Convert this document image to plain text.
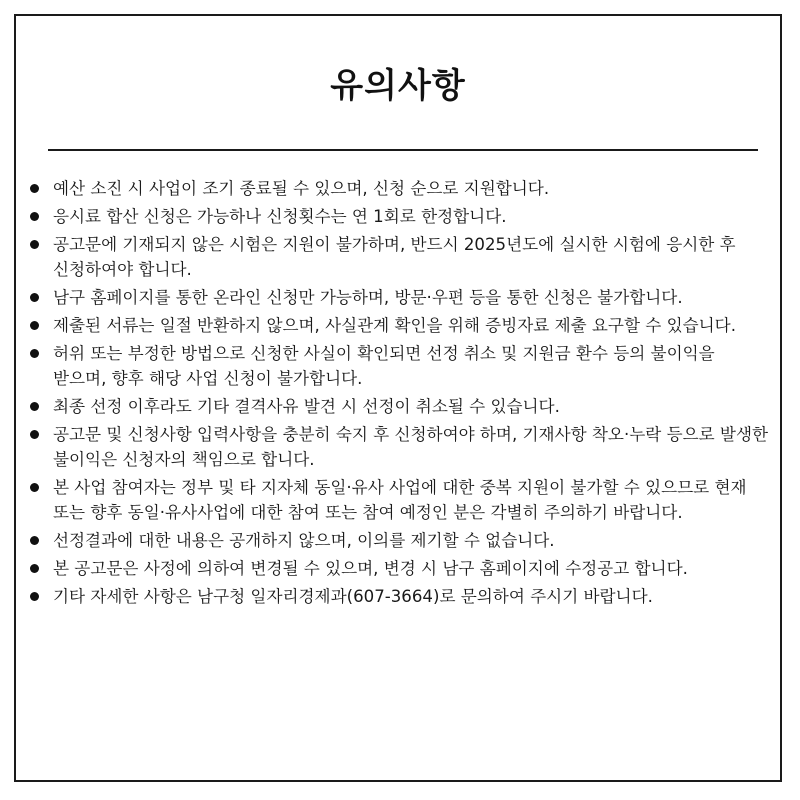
유의사항
예산 소진 시 사업이 조기 종료될 수 있으며, 신청 순으로 지원합니다.
응시료 합산 신청은 가능하나 신청횟수는 연 1회로 한정합니다.
공고문에 기재되지 않은 시험은 지원이 불가하며, 반드시 2025년도에 실시한 시험에 응시한 후 신청하여야 합니다.
남구 홈페이지를 통한 온라인 신청만 가능하며, 방문·우편 등을 통한 신청은 불가합니다.
제출된 서류는 일절 반환하지 않으며, 사실관계 확인을 위해 증빙자료 제출 요구할 수 있습니다.
허위 또는 부정한 방법으로 신청한 사실이 확인되면 선정 취소 및 지원금 환수 등의 불이익을 받으며, 향후 해당 사업 신청이 불가합니다.
최종 선정 이후라도 기타 결격사유 발견 시 선정이 취소될 수 있습니다.
공고문 및 신청사항 입력사항을 충분히 숙지 후 신청하여야 하며, 기재사항 착오·누락 등으로 발생한 불이익은 신청자의 책임으로 합니다.
본 사업 참여자는 정부 및 타 지자체 동일·유사 사업에 대한 중복 지원이 불가할 수 있으므로 현재 또는 향후 동일·유사사업에 대한 참여 또는 참여 예정인 분은 각별히 주의하기 바랍니다.
선정결과에 대한 내용은 공개하지 않으며, 이의를 제기할 수 없습니다.
본 공고문은 사정에 의하여 변경될 수 있으며, 변경 시 남구 홈페이지에 수정공고 합니다.
기타 자세한 사항은 남구청 일자리경제과(607-3664)로 문의하여 주시기 바랍니다.
